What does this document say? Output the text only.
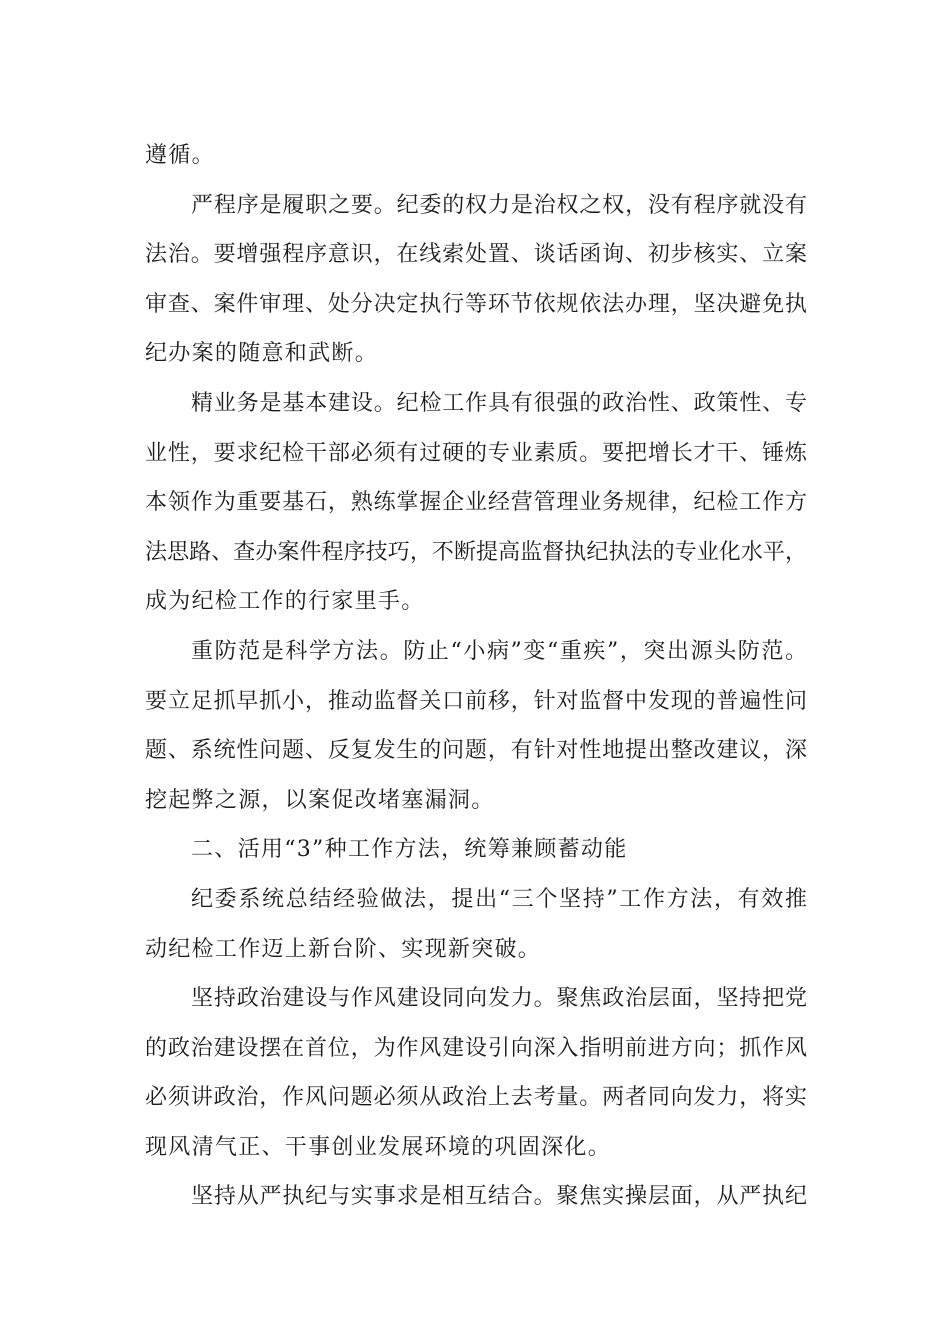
遵循。
严程序是履职之要。纪委的权力是治权之权，没有程序就没有
法治。要增强程序意识，在线索处置、谈话函询、初步核实、立案
审查、案件审理、处分决定执行等环节依规依法办理，坚决避免执
纪办案的随意和武断。
精业务是基本建设。纪检工作具有很强的政治性、政策性、专
业性，要求纪检干部必须有过硬的专业素质。要把增长才干、锤炼
本领作为重要基石，熟练掌握企业经营管理业务规律，纪检工作方
法思路、查办案件程序技巧，不断提高监督执纪执法的专业化水平，
成为纪检工作的行家里手。
重防范是科学方法。防止“小病”变“重疾”，突出源头防范。
要立足抓早抓小，推动监督关口前移，针对监督中发现的普遍性问
题、系统性问题、反复发生的问题，有针对性地提出整改建议，深
挖起弊之源，以案促改堵塞漏洞。
二、活用“3”种工作方法，统筹兼顾蓄动能
纪委系统总结经验做法，提出“三个坚持”工作方法，有效推
动纪检工作迈上新台阶、实现新突破。
坚持政治建设与作风建设同向发力。聚焦政治层面，坚持把党
的政治建设摆在首位，为作风建设引向深入指明前进方向；抓作风
必须讲政治，作风问题必须从政治上去考量。两者同向发力，将实
现风清气正、干事创业发展环境的巩固深化。
坚持从严执纪与实事求是相互结合。聚焦实操层面，从严执纪
